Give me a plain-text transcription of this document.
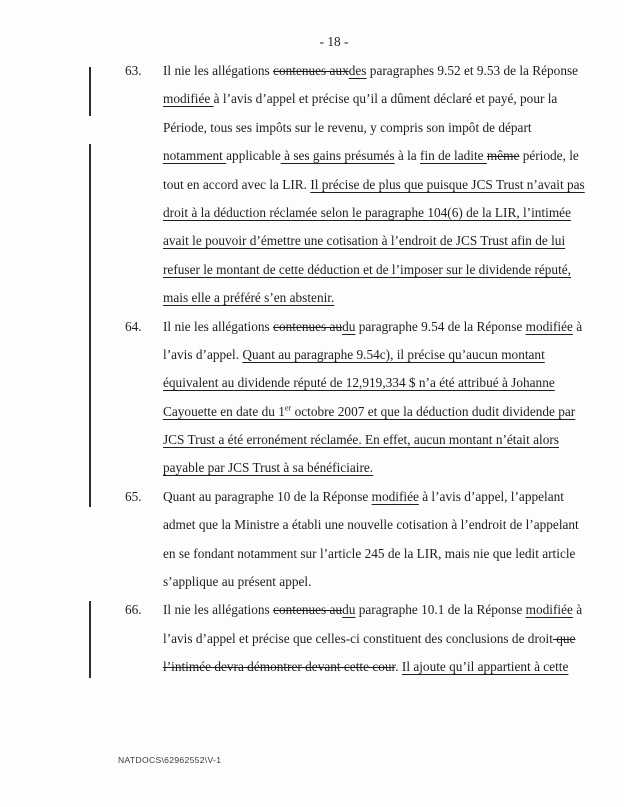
- 18 -
63. Il nie les allégations contenues auxdes paragraphes 9.52 et 9.53 de la Réponse
modifiée à l’avis d’appel et précise qu’il a dûment déclaré et payé, pour la
Période, tous ses impôts sur le revenu, y compris son impôt de départ
notamment applicable à ses gains présumés à la fin de ladite même période, le
tout en accord avec la LIR. Il précise de plus que puisque JCS Trust n’avait pas
droit à la déduction réclamée selon le paragraphe 104(6) de la LIR, l’intimée
avait le pouvoir d’émettre une cotisation à l’endroit de JCS Trust afin de lui
refuser le montant de cette déduction et de l’imposer sur le dividende réputé,
mais elle a préféré s’en abstenir.
64. Il nie les allégations contenues audu paragraphe 9.54 de la Réponse modifiée à
l’avis d’appel. Quant au paragraphe 9.54c), il précise qu’aucun montant
équivalent au dividende réputé de 12,919,334 $ n’a été attribué à Johanne
Cayouette en date du 1er octobre 2007 et que la déduction dudit dividende par
JCS Trust a été erronément réclamée. En effet, aucun montant n’était alors
payable par JCS Trust à sa bénéficiaire.
65. Quant au paragraphe 10 de la Réponse modifiée à l’avis d’appel, l’appelant
admet que la Ministre a établi une nouvelle cotisation à l’endroit de l’appelant
en se fondant notamment sur l’article 245 de la LIR, mais nie que ledit article
s’applique au présent appel.
66. Il nie les allégations contenues audu paragraphe 10.1 de la Réponse modifiée à
l’avis d’appel et précise que celles-ci constituent des conclusions de droit que
l’intimée devra démontrer devant cette cour. Il ajoute qu’il appartient à cette
NATDOCS\62962552\V-1
